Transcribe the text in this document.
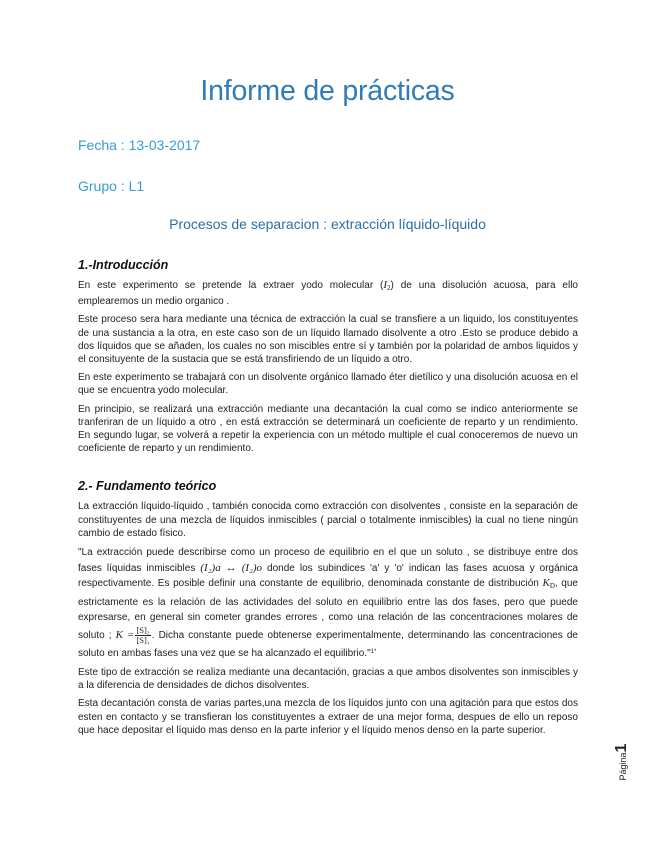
Informe de prácticas
Fecha : 13-03-2017
Grupo : L1
Procesos de separacion : extracción líquido-líquido
1.-Introducción

En este experimento se pretende la extraer yodo molecular $(I_2)$ de una disolución acuosa, para ello emplearemos un medio organico .

Este proceso sera hara mediante una técnica de extracción la cual se transfiere a un liquido, los constituyentes de una sustancia a la otra, en este caso son de un líquido llamado disolvente a otro .Esto se produce debido a dos líquidos que se añaden, los cuales no son miscibles entre sí y también por la polaridad de ambos liquidos y el consituyente de la sustacia que se está transfiriendo de un líquido a otro.

En este experimento se trabajará con un disolvente orgánico llamado éter dietílico y una disolución acuosa en el que se encuentra yodo molecular.

En principio, se realizará una extracción mediante una decantación la cual como se indico anteriormente se tranferiran de un líquido a otro , en está extracción se determinará un coeficiente de reparto y un rendimiento. En segundo lugar, se volverá a repetir la experiencia con un método multiple el cual conoceremos de nuevo un coeficiente de reparto y un rendimiento.

2.- Fundamento teórico

La extracción líquido-líquido , también conocida como extracción con disolventes , consiste en la separación de constituyentes de una mezcla de líquidos inmiscibles ( parcial o totalmente inmiscibles) la cual no tiene ningún cambio de estado físico.

"La extracción puede describirse como un proceso de equilibrio en el que un soluto , se distribuye entre dos fases líquidas inmiscibles (I₂)a ↔ (I₂)o donde los subindices 'a' y 'o' indican las fases acuosa y orgánica respectivamente. Es posible definir una constante de equilibrio, denominada constante de distribución $K_D$, que estrictamente es la relación de las actividades del soluto en equilibrio entre las dos fases, pero que puede expresarse, en general sin cometer grandes errores , como una relación de las concentraciones molares de soluto ; $K = \frac{\text{[S]₂}}{\text{[S]₁}}$ . Dicha constante puede obtenerse experimentalmente, determinando las concentraciones de soluto en ambas fases una vez que se ha alcanzado el equilibrio."$^{1*}$

Este tipo de extracción se realiza mediante una decantación, gracias a que ambos disolventes son inmiscibles y a la diferencia de densidades de dichos disolventes.

Esta decantación consta de varias partes,una mezcla de los líquidos junto con una agitación para que estos dos esten en contacto y se transfieran los constituyentes a extraer de una mejor forma, despues de ello un reposo que hace depositar el líquido mas denso en la parte inferior y el líquido menos denso en la parte superior.

Página1
